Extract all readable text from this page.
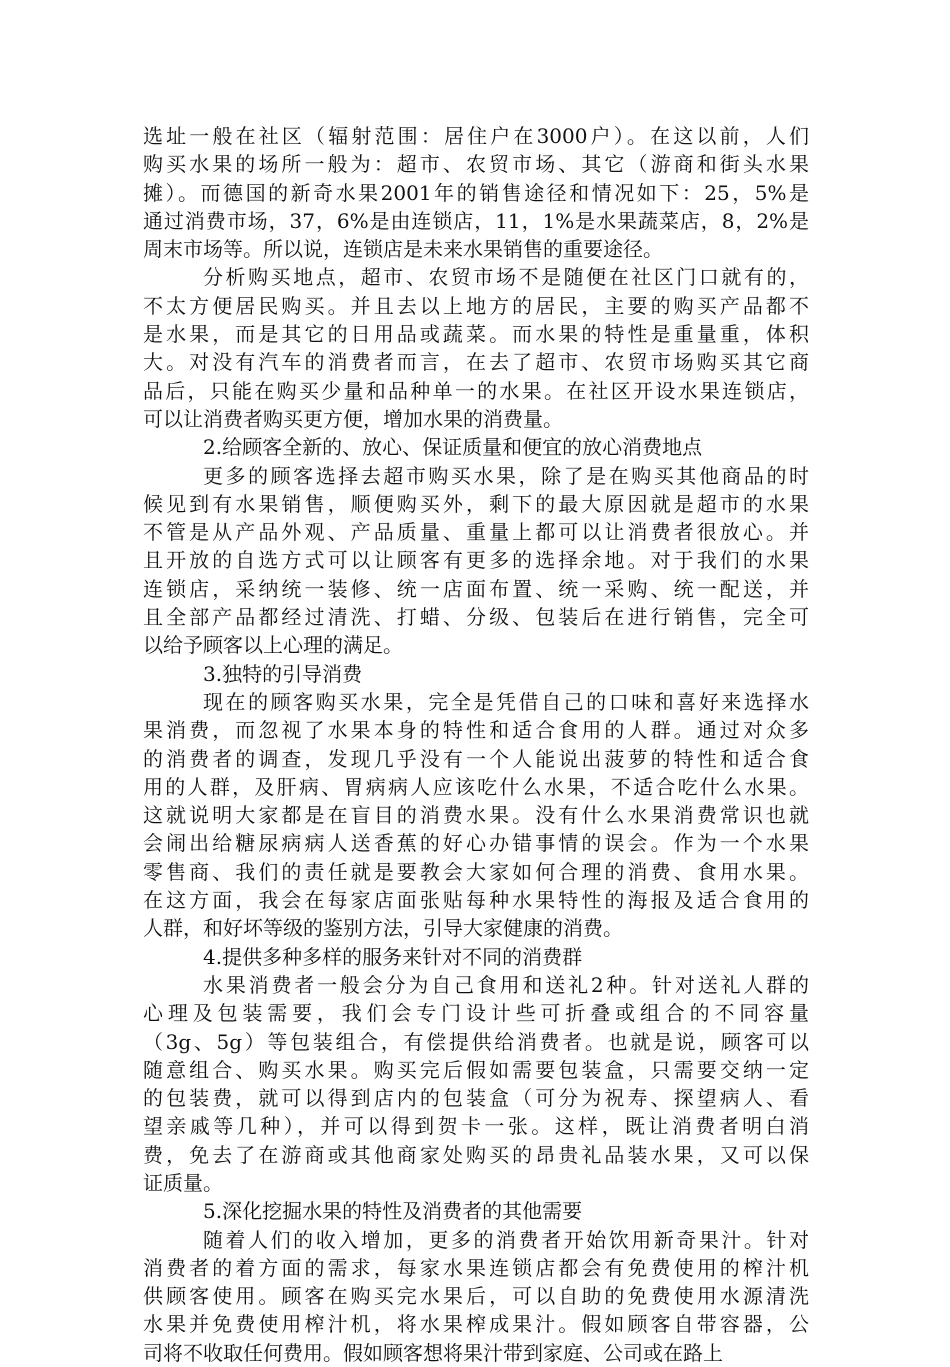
选址一般在社区（辐射范围：居住户在3000户）。在这以前，人们
购买水果的场所一般为：超市、农贸市场、其它（游商和街头水果
摊）。而德国的新奇水果2001年的销售途径和情况如下：25，5%是
通过消费市场，37，6%是由连锁店，11，1%是水果蔬菜店，8，2%是
周末市场等。所以说，连锁店是未来水果销售的重要途径。
分析购买地点，超市、农贸市场不是随便在社区门口就有的，
不太方便居民购买。并且去以上地方的居民，主要的购买产品都不
是水果，而是其它的日用品或蔬菜。而水果的特性是重量重，体积
大。对没有汽车的消费者而言，在去了超市、农贸市场购买其它商
品后，只能在购买少量和品种单一的水果。在社区开设水果连锁店，
可以让消费者购买更方便，增加水果的消费量。
2.给顾客全新的、放心、保证质量和便宜的放心消费地点
更多的顾客选择去超市购买水果，除了是在购买其他商品的时
候见到有水果销售，顺便购买外，剩下的最大原因就是超市的水果
不管是从产品外观、产品质量、重量上都可以让消费者很放心。并
且开放的自选方式可以让顾客有更多的选择余地。对于我们的水果
连锁店，采纳统一装修、统一店面布置、统一采购、统一配送，并
且全部产品都经过清洗、打蜡、分级、包装后在进行销售，完全可
以给予顾客以上心理的满足。
3.独特的引导消费
现在的顾客购买水果，完全是凭借自己的口味和喜好来选择水
果消费，而忽视了水果本身的特性和适合食用的人群。通过对众多
的消费者的调查，发现几乎没有一个人能说出菠萝的特性和适合食
用的人群，及肝病、胃病病人应该吃什么水果，不适合吃什么水果。
这就说明大家都是在盲目的消费水果。没有什么水果消费常识也就
会闹出给糖尿病病人送香蕉的好心办错事情的误会。作为一个水果
零售商、我们的责任就是要教会大家如何合理的消费、食用水果。
在这方面，我会在每家店面张贴每种水果特性的海报及适合食用的
人群，和好坏等级的鉴别方法，引导大家健康的消费。
4.提供多种多样的服务来针对不同的消费群
水果消费者一般会分为自己食用和送礼2种。针对送礼人群的
心理及包装需要，我们会专门设计些可折叠或组合的不同容量
（3g、5g）等包装组合，有偿提供给消费者。也就是说，顾客可以
随意组合、购买水果。购买完后假如需要包装盒，只需要交纳一定
的包装费，就可以得到店内的包装盒（可分为祝寿、探望病人、看
望亲戚等几种），并可以得到贺卡一张。这样，既让消费者明白消
费，免去了在游商或其他商家处购买的昂贵礼品装水果，又可以保
证质量。
5.深化挖掘水果的特性及消费者的其他需要
随着人们的收入增加，更多的消费者开始饮用新奇果汁。针对
消费者的着方面的需求，每家水果连锁店都会有免费使用的榨汁机
供顾客使用。顾客在购买完水果后，可以自助的免费使用水源清洗
水果并免费使用榨汁机，将水果榨成果汁。假如顾客自带容器，公
司将不收取任何费用。假如顾客想将果汁带到家庭、公司或在路上
